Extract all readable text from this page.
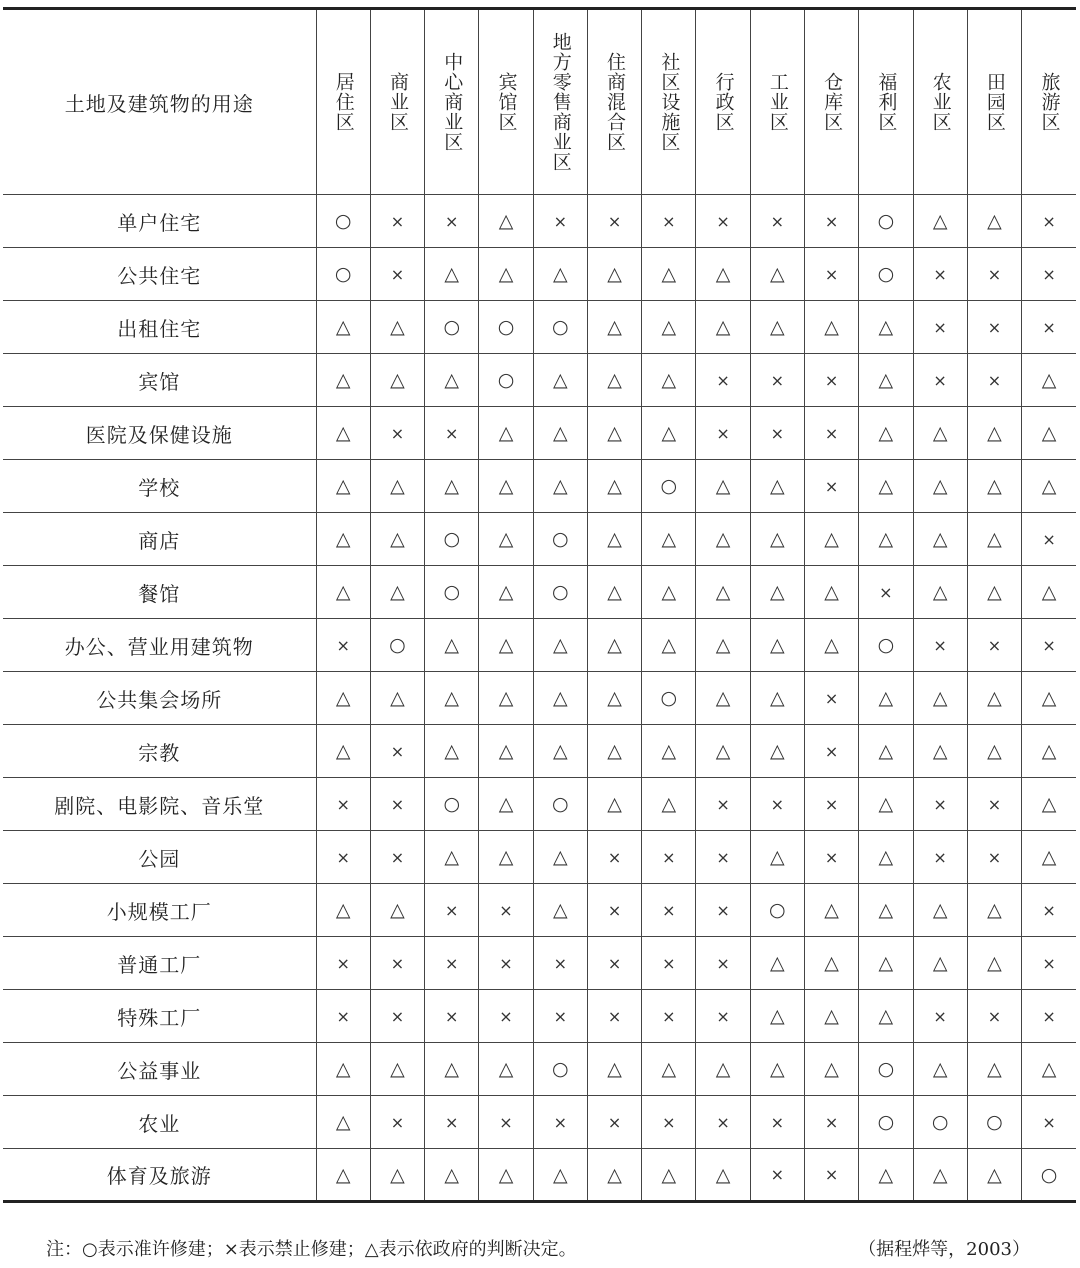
土地及建筑物的用途	居住区	商业区	中心商业区	宾馆区	地方零售商业区	住商混合区	社区设施区	行政区	工业区	仓库区	福利区	农业区	田园区	旅游区
单户住宅	○	×	×	△	×	×	×	×	×	×	○	△	△	×
公共住宅	○	×	△	△	△	△	△	△	△	×	○	×	×	×
出租住宅	△	△	○	○	○	△	△	△	△	△	△	×	×	×
宾馆	△	△	△	○	△	△	△	×	×	×	△	×	×	△
医院及保健设施	△	×	×	△	△	△	△	×	×	×	△	△	△	△
学校	△	△	△	△	△	△	○	△	△	×	△	△	△	△
商店	△	△	○	△	○	△	△	△	△	△	△	△	△	×
餐馆	△	△	○	△	○	△	△	△	△	△	×	△	△	△
办公、营业用建筑物	×	○	△	△	△	△	△	△	△	△	○	×	×	×
公共集会场所	△	△	△	△	△	△	○	△	△	×	△	△	△	△
宗教	△	×	△	△	△	△	△	△	△	×	△	△	△	△
剧院、电影院、音乐堂	×	×	○	△	○	△	△	×	×	×	△	×	×	△
公园	×	×	△	△	△	×	×	×	△	×	△	×	×	△
小规模工厂	△	△	×	×	△	×	×	×	○	△	△	△	△	×
普通工厂	×	×	×	×	×	×	×	×	△	△	△	△	△	×
特殊工厂	×	×	×	×	×	×	×	×	△	△	△	×	×	×
公益事业	△	△	△	△	○	△	△	△	△	△	○	△	△	△
农业	△	×	×	×	×	×	×	×	×	×	○	○	○	×
体育及旅游	△	△	△	△	△	△	△	△	×	×	△	△	△	○
注：○表示准许修建；×表示禁止修建；△表示依政府的判断决定。	（据程烨等，2003）
